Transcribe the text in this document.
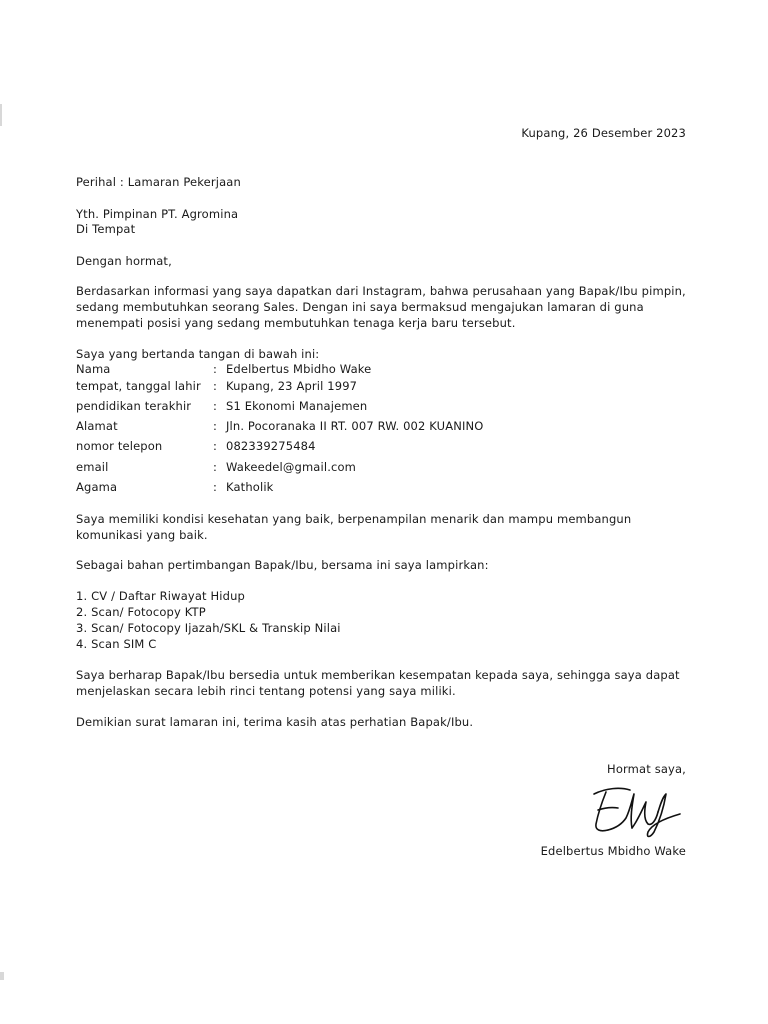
Kupang, 26 Desember 2023
Perihal : Lamaran Pekerjaan
Yth. Pimpinan PT. Agromina
Di Tempat
Dengan hormat,
Berdasarkan informasi yang saya dapatkan dari Instagram, bahwa perusahaan yang Bapak/Ibu pimpin, sedang membutuhkan seorang Sales. Dengan ini saya bermaksud mengajukan lamaran di guna menempati posisi yang sedang membutuhkan tenaga kerja baru tersebut.
Saya yang bertanda tangan di bawah ini:
Nama	: Edelbertus Mbidho Wake
tempat, tanggal lahir : Kupang, 23 April 1997
pendidikan terakhir : S1 Ekonomi Manajemen
Alamat	: Jln. Pocoranaka II RT. 007 RW. 002 KUANINO
nomor telepon	: 082339275484
email	: Wakeedel@gmail.com
Agama	: Katholik
Saya memiliki kondisi kesehatan yang baik, berpenampilan menarik dan mampu membangun komunikasi yang baik.
Sebagai bahan pertimbangan Bapak/Ibu, bersama ini saya lampirkan:
1. CV / Daftar Riwayat Hidup
2. Scan/ Fotocopy KTP
3. Scan/ Fotocopy Ijazah/SKL & Transkip Nilai
4. Scan SIM C
Saya berharap Bapak/Ibu bersedia untuk memberikan kesempatan kepada saya, sehingga saya dapat menjelaskan secara lebih rinci tentang potensi yang saya miliki.
Demikian surat lamaran ini, terima kasih atas perhatian Bapak/Ibu.
Hormat saya,
Edelbertus Mbidho Wake
